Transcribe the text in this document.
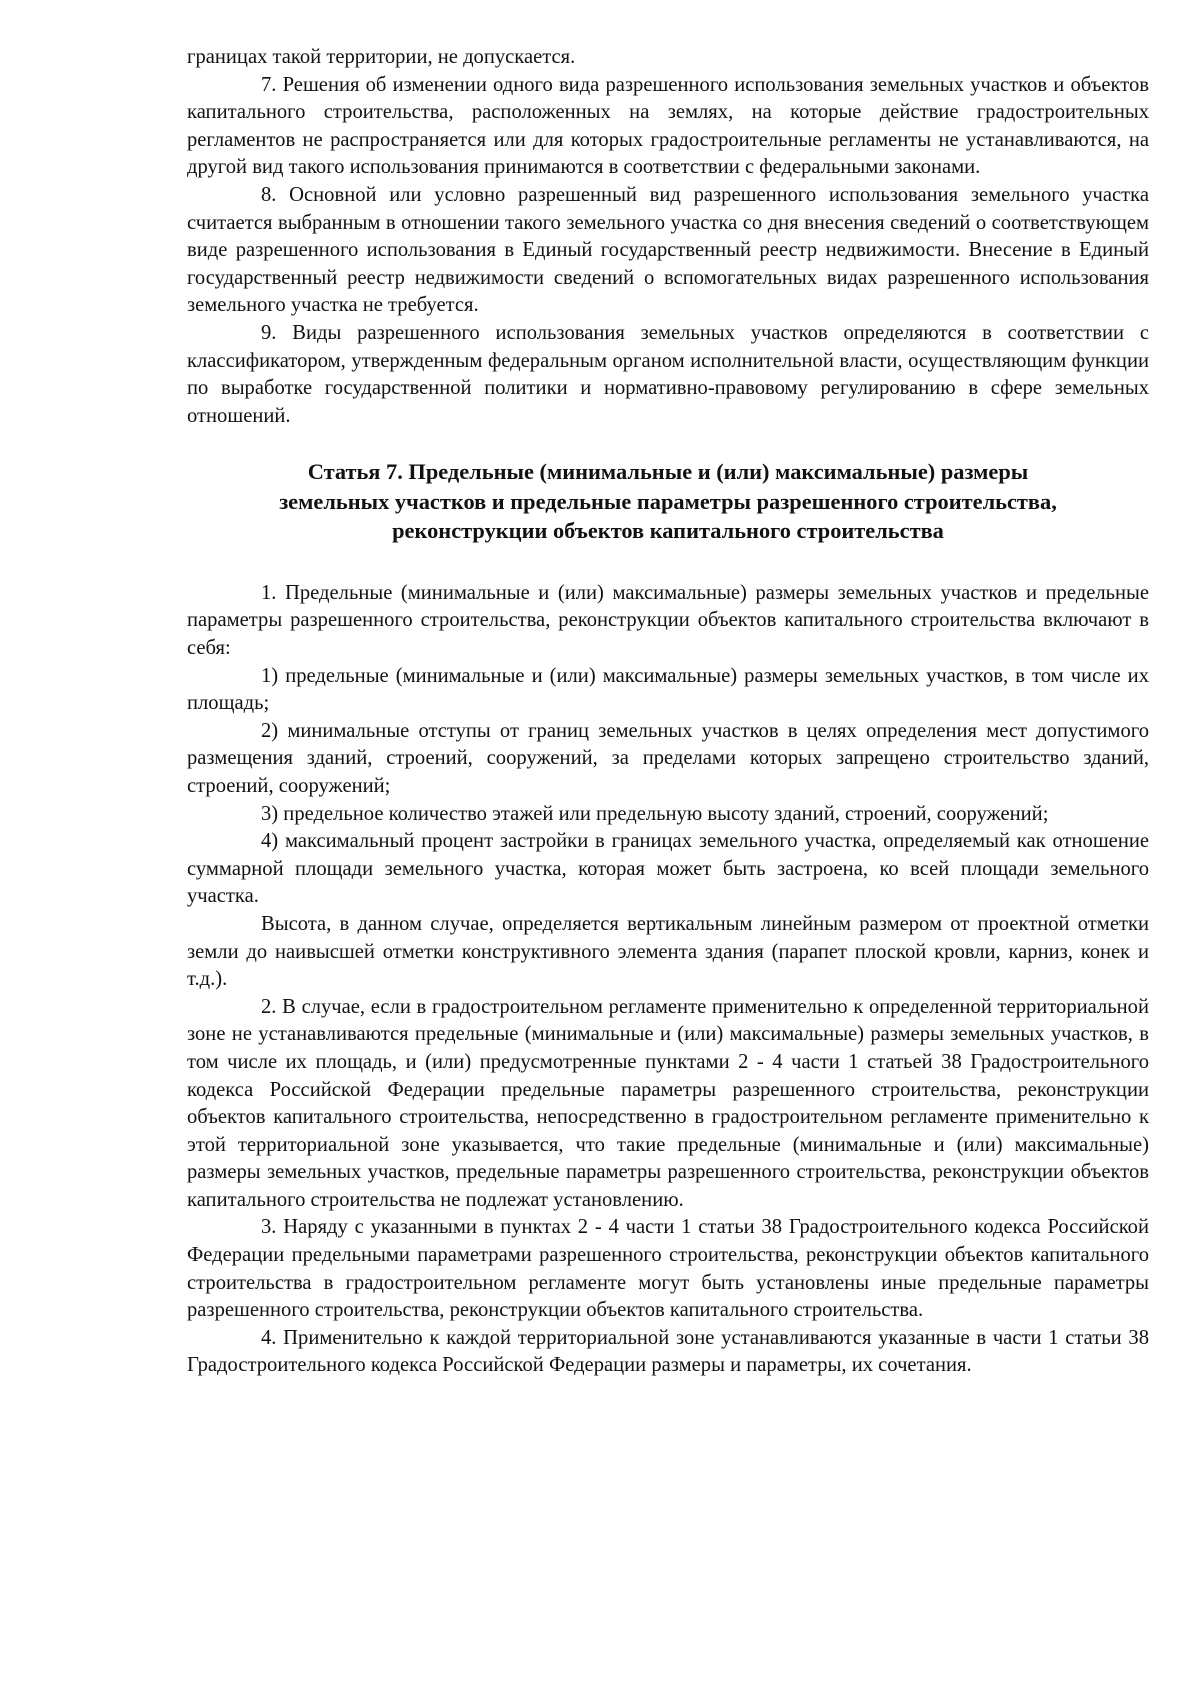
границах такой территории, не допускается.

7. Решения об изменении одного вида разрешенного использования земельных участков и объектов капитального строительства, расположенных на землях, на которые действие градостроительных регламентов не распространяется или для которых градостроительные регламенты не устанавливаются, на другой вид такого использования принимаются в соответствии с федеральными законами.

8. Основной или условно разрешенный вид разрешенного использования земельного участка считается выбранным в отношении такого земельного участка со дня внесения сведений о соответствующем виде разрешенного использования в Единый государственный реестр недвижимости. Внесение в Единый государственный реестр недвижимости сведений о вспомогательных видах разрешенного использования земельного участка не требуется.

9. Виды разрешенного использования земельных участков определяются в соответствии с классификатором, утвержденным федеральным органом исполнительной власти, осуществляющим функции по выработке государственной политики и нормативно-правовому регулированию в сфере земельных отношений.

Статья 7. Предельные (минимальные и (или) максимальные) размеры
земельных участков и предельные параметры разрешенного строительства,
реконструкции объектов капитального строительства

1. Предельные (минимальные и (или) максимальные) размеры земельных участков и предельные параметры разрешенного строительства, реконструкции объектов капитального строительства включают в себя:

1) предельные (минимальные и (или) максимальные) размеры земельных участков, в том числе их площадь;

2) минимальные отступы от границ земельных участков в целях определения мест допустимого размещения зданий, строений, сооружений, за пределами которых запрещено строительство зданий, строений, сооружений;

3) предельное количество этажей или предельную высоту зданий, строений, сооружений;

4) максимальный процент застройки в границах земельного участка, определяемый как отношение суммарной площади земельного участка, которая может быть застроена, ко всей площади земельного участка.

Высота, в данном случае, определяется вертикальным линейным размером от проектной отметки земли до наивысшей отметки конструктивного элемента здания (парапет плоской кровли, карниз, конек и т.д.).

2. В случае, если в градостроительном регламенте применительно к определенной территориальной зоне не устанавливаются предельные (минимальные и (или) максимальные) размеры земельных участков, в том числе их площадь, и (или) предусмотренные пунктами 2 - 4 части 1 статьей 38 Градостроительного кодекса Российской Федерации предельные параметры разрешенного строительства, реконструкции объектов капитального строительства, непосредственно в градостроительном регламенте применительно к этой территориальной зоне указывается, что такие предельные (минимальные и (или) максимальные) размеры земельных участков, предельные параметры разрешенного строительства, реконструкции объектов капитального строительства не подлежат установлению.

3. Наряду с указанными в пунктах 2 - 4 части 1 статьи 38 Градостроительного кодекса Российской Федерации предельными параметрами разрешенного строительства, реконструкции объектов капитального строительства в градостроительном регламенте могут быть установлены иные предельные параметры разрешенного строительства, реконструкции объектов капитального строительства.

4. Применительно к каждой территориальной зоне устанавливаются указанные в части 1 статьи 38 Градостроительного кодекса Российской Федерации размеры и параметры, их сочетания.
